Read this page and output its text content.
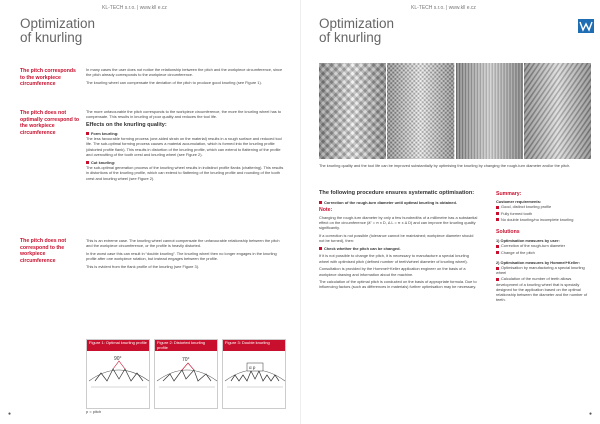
KL-TECH s.r.o. | www.kll e.cz
Optimization
of knurling
The pitch corresponds to the workpiece circumference

In many cases the user does not notice the relationship between the pitch and the workpiece circumference, since the pitch already corresponds to the workpiece circumference.

The knurling wheel can compensate the deviation of the pitch to produce good knurling (see Figure 1).

The pitch does not optimally correspond to the workpiece circumference

The more unfavourable the pitch corresponds to the workpiece circumference, the more the knurling wheel has to compensate. This results in knurling of poor quality and reduces the tool life.

Effects on the knurling quality:

Form knurling:
The less favourable forming process (one-sided strain on the material) results in a rough surface and reduced tool life. The sub-optimal forming process causes a material accumulation, which is formed into the knurling profile (distorted profile flank). This results in distortion of the knurling profile, which can extend to flattening of the profile and overcutting of the tooth crest and knurling wheel (see Figure 2).

Cut knurling:
The sub-optimal generation process of the knurling wheel results in indistinct profile flanks (chattering). This results in distortions of the knurling profile, which can extend to flattening of the knurling profile and rounding of the tooth crest and knurling wheel (see Figure 2).

The pitch does not correspond to the workpiece circumference

This is an extreme case. The knurling wheel cannot compensate the unfavourable relationship between the pitch and the workpiece circumference, or the profile is heavily distorted.

In the worst case this can result in “double knurling”. The knurling wheel then no longer engages in the knurling profile after one workpiece rotation, but instead engages between the profile.

This is evident from the flank profile of the knurling (see Figure 3).

Figure 1: Optimal knurling profile
90°
Figure 2: Distorted knurling profile
70°
Figure 3: Double knurling
α p
p = pitch
●
KL-TECH s.r.o. | www.kll e.cz
Optimization
of knurling
The knurling quality and the tool life can be improved substantially by optimising the knurling by changing the rough-turn diameter and/or the pitch.
The following procedure ensures systematic optimisation:

Correction of the rough-turn diameter until optimal knurling is obtained.

Note:

Changing the rough-turn diameter by only a few hundredths of a millimetre has a substantial effect on the circumference (ä” = π x D, Δ L = π x Δ D) and can improve the knurling quality significantly.

If a correction is not possible (tolerance cannot be maintained; workpiece diameter should not be turned), then:

Check whether the pitch can be changed.

If it is not possible to change the pitch, it is necessary to manufacture a special knurling wheel with optimised pitch (defined number of teeth/wheel diameter of knurling wheel).

Consultation is provided by the Hommel+Keller application engineer on the basis of a workpiece drawing and information about the machine.

The calculation of the optimal pitch is conducted on the basis of appropriate formula. Due to influencing factors (such as differences in materials) further optimisation may be necessary.

Summary:
Customer requirements:
Good, distinct knurling profile
Fully formed tooth
No double knurling/no incomplete knurling
Solutions
1) Optimisation measures by user:
Correction of the rough-turn diameter
Change of the pitch
2) Optimisation measures by Hommel+Keller:
Optimisation by manufacturing a special knurling wheel
Calculation of the number of teeth allows development of a knurling wheel that is specially designed for the application based on the optimal relationship between the diameter and the number of teeth.
●
